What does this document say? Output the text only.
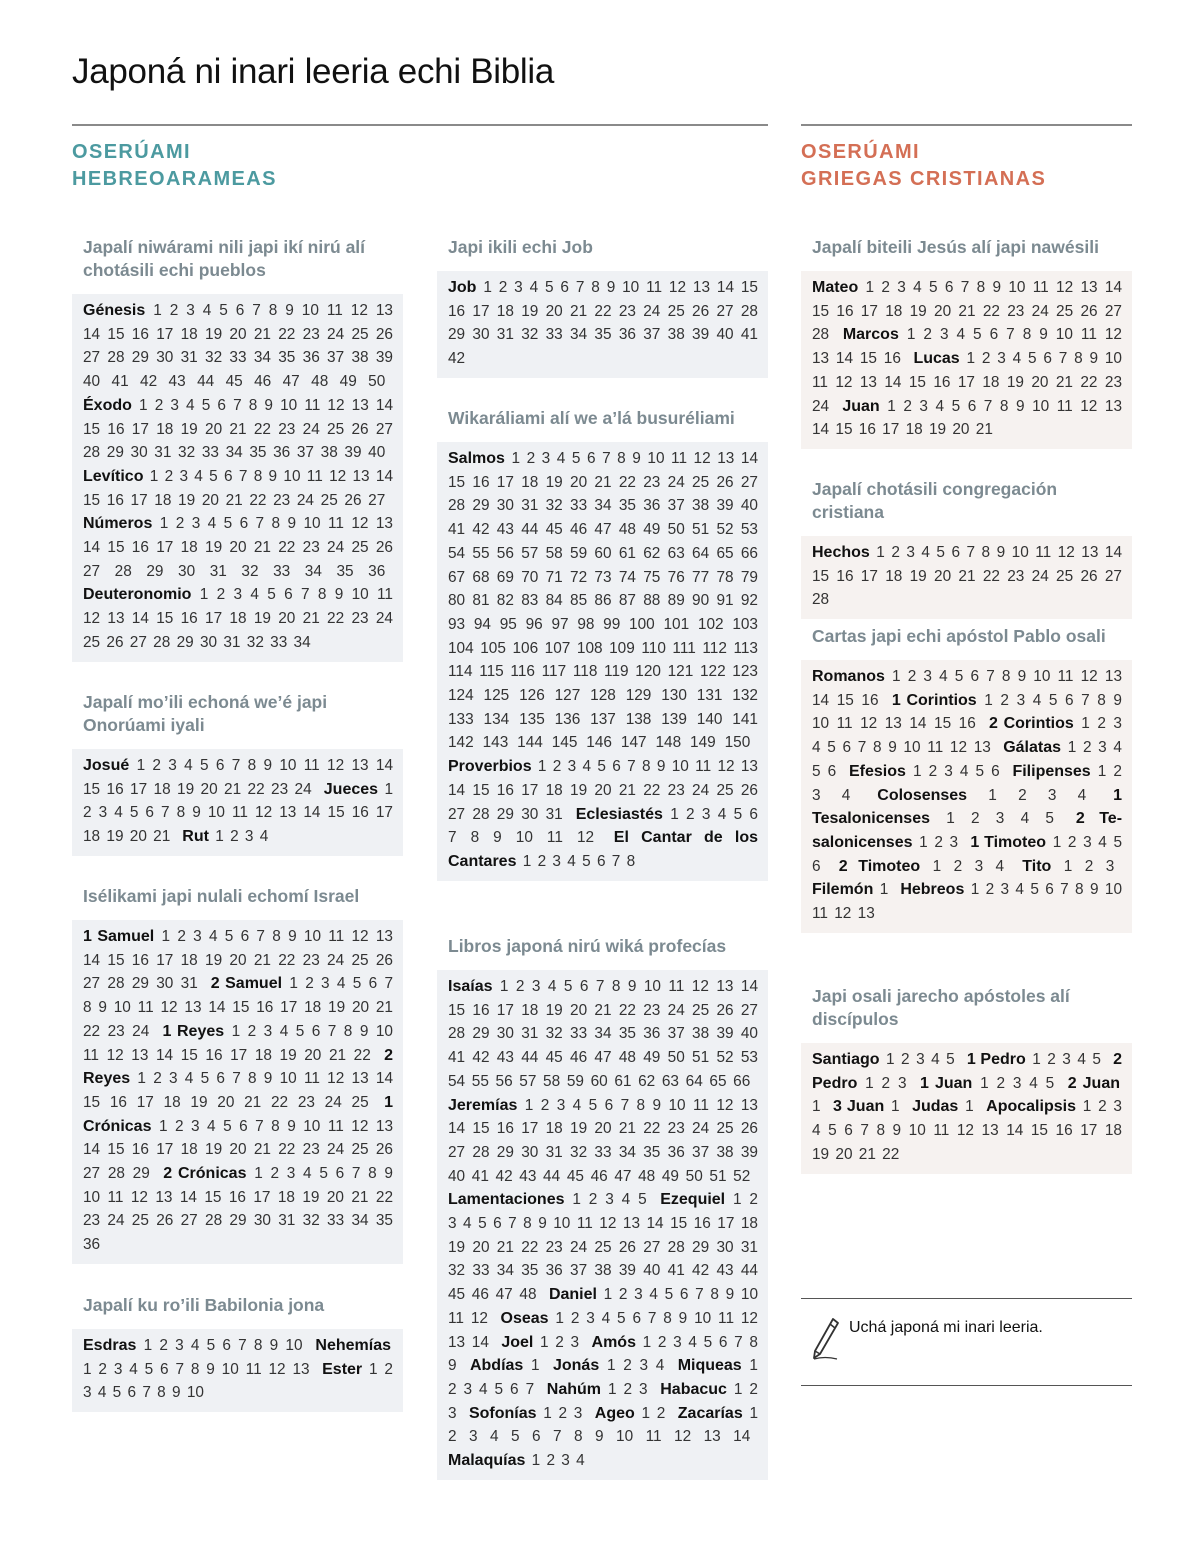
Japoná ni inari leeria echi Biblia
OSERÚAMI
HEBREOARAMEAS
OSERÚAMI
GRIEGAS CRISTIANAS
Japalí niwárami nili japi ikí nirú alí chotásili echi pueblos
Génesis 1 2 3 4 5 6 7 8 9 10 11 12 13 14 15 16 17 18 19 20 21 22 23 24 25 26 27 28 29 30 31 32 33 34 35 36 37 38 39 40 41 42 43 44 45 46 47 48 49 50  Éxodo 1 2 3 4 5 6 7 8 9 10 11 12 13 14 15 16 17 18 19 20 21 22 23 24 25 26 27 28 29 30 31 32 33 34 35 36 37 38 39 40  Levítico 1 2 3 4 5 6 7 8 9 10 11 12 13 14 15 16 17 18 19 20 21 22 23 24 25 26 27  Números 1 2 3 4 5 6 7 8 9 10 11 12 13 14 15 16 17 18 19 20 21 22 23 24 25 26 27 28 29 30 31 32 33 34 35 36  Deuteronomio 1 2 3 4 5 6 7 8 9 10 11 12 13 14 15 16 17 18 19 20 21 22 23 24 25 26 27 28 29 30 31 32 33 34 
Japalí mo’ili echoná we’é japi Onorúami iyali
Josué 1 2 3 4 5 6 7 8 9 10 11 12 13 14 15 16 17 18 19 20 21 22 23 24  Jueces 1 2 3 4 5 6 7 8 9 10 11 12 13 14 15 16 17 18 19 20 21  Rut 1 2 3 4 
Isélikami japi nulali echomí Israel
1 Samuel 1 2 3 4 5 6 7 8 9 10 11 12 13 14 15 16 17 18 19 20 21 22 23 24 25 26 27 28 29 30 31  2 Samuel 1 2 3 4 5 6 7 8 9 10 11 12 13 14 15 16 17 18 19 20 21 22 23 24  1 Reyes 1 2 3 4 5 6 7 8 9 10 11 12 13 14 15 16 17 18 19 20 21 22  2 Reyes 1 2 3 4 5 6 7 8 9 10 11 12 13 14 15 16 17 18 19 20 21 22 23 24 25  1 Crónicas 1 2 3 4 5 6 7 8 9 10 11 12 13 14 15 16 17 18 19 20 21 22 23 24 25 26 27 28 29  2 Crónicas 1 2 3 4 5 6 7 8 9 10 11 12 13 14 15 16 17 18 19 20 21 22 23 24 25 26 27 28 29 30 31 32 33 34 35 36 
Japalí ku ro’ili Babilonia jona
Esdras 1 2 3 4 5 6 7 8 9 10  Nehemías 1 2 3 4 5 6 7 8 9 10 11 12 13  Ester 1 2 3 4 5 6 7 8 9 10 
Japi ikili echi Job
Job 1 2 3 4 5 6 7 8 9 10 11 12 13 14 15 16 17 18 19 20 21 22 23 24 25 26 27 28 29 30 31 32 33 34 35 36 37 38 39 40 41 42 
Wikaráliami alí we a’lá busuréliami
Salmos 1 2 3 4 5 6 7 8 9 10 11 12 13 14 15 16 17 18 19 20 21 22 23 24 25 26 27 28 29 30 31 32 33 34 35 36 37 38 39 40 41 42 43 44 45 46 47 48 49 50 51 52 53 54 55 56 57 58 59 60 61 62 63 64 65 66 67 68 69 70 71 72 73 74 75 76 77 78 79 80 81 82 83 84 85 86 87 88 89 90 91 92 93 94 95 96 97 98 99 100 101 102 103 104 105 106 107 108 109 110 111 112 113 114 115 116 117 118 119 120 121 122 123 124 125 126 127 128 129 130 131 132 133 134 135 136 137 138 139 140 141 142 143 144 145 146 147 148 149 150  Proverbios 1 2 3 4 5 6 7 8 9 10 11 12 13 14 15 16 17 18 19 20 21 22 23 24 25 26 27 28 29 30 31  Eclesiastés 1 2 3 4 5 6 7 8 9 10 11 12  El Cantar de los Cantares 1 2 3 4 5 6 7 8 
Libros japoná nirú wiká profecías
Isaías 1 2 3 4 5 6 7 8 9 10 11 12 13 14 15 16 17 18 19 20 21 22 23 24 25 26 27 28 29 30 31 32 33 34 35 36 37 38 39 40 41 42 43 44 45 46 47 48 49 50 51 52 53 54 55 56 57 58 59 60 61 62 63 64 65 66  Jeremías 1 2 3 4 5 6 7 8 9 10 11 12 13 14 15 16 17 18 19 20 21 22 23 24 25 26 27 28 29 30 31 32 33 34 35 36 37 38 39 40 41 42 43 44 45 46 47 48 49 50 51 52  Lamentaciones 1 2 3 4 5  Ezequiel 1 2 3 4 5 6 7 8 9 10 11 12 13 14 15 16 17 18 19 20 21 22 23 24 25 26 27 28 29 30 31 32 33 34 35 36 37 38 39 40 41 42 43 44 45 46 47 48  Daniel 1 2 3 4 5 6 7 8 9 10 11 12  Oseas 1 2 3 4 5 6 7 8 9 10 11 12 13 14  Joel 1 2 3  Amós 1 2 3 4 5 6 7 8 9  Abdías 1  Jonás 1 2 3 4  Miqueas 1 2 3 4 5 6 7  Nahúm 1 2 3  Habacuc 1 2 3  Sofonías 1 2 3  Ageo 1 2  Zacarías 1 2 3 4 5 6 7 8 9 10 11 12 13 14  Malaquías 1 2 3 4 
Japalí biteili Jesús alí japi nawésili
Mateo 1 2 3 4 5 6 7 8 9 10 11 12 13 14 15 16 17 18 19 20 21 22 23 24 25 26 27 28  Marcos 1 2 3 4 5 6 7 8 9 10 11 12 13 14 15 16  Lucas 1 2 3 4 5 6 7 8 9 10 11 12 13 14 15 16 17 18 19 20 21 22 23 24  Juan 1 2 3 4 5 6 7 8 9 10 11 12 13 14 15 16 17 18 19 20 21 
Japalí chotásili congregación cristiana
Hechos 1 2 3 4 5 6 7 8 9 10 11 12 13 14 15 16 17 18 19 20 21 22 23 24 25 26 27 28 
Cartas japi echi apóstol Pablo osali
Romanos 1 2 3 4 5 6 7 8 9 10 11 12 13 14 15 16  1 Corintios 1 2 3 4 5 6 7 8 9 10 11 12 13 14 15 16  2 Corintios 1 2 3 4 5 6 7 8 9 10 11 12 13  Gálatas 1 2 3 4 5 6  Efesios 1 2 3 4 5 6  Filipenses 1 2 3 4  Colosenses 1 2 3 4  1 Tesalonicenses 1 2 3 4 5  2 Tesalonicenses 1 2 3  1 Timoteo 1 2 3 4 5 6  2 Timoteo 1 2 3 4  Tito 1 2 3  Filemón 1  Hebreos 1 2 3 4 5 6 7 8 9 10 11 12 13 
Japi osali jarecho apóstoles alí discípulos
Santiago 1 2 3 4 5  1 Pedro 1 2 3 4 5  2 Pedro 1 2 3  1 Juan 1 2 3 4 5  2 Juan 1  3 Juan 1  Judas 1  Apocalipsis 1 2 3 4 5 6 7 8 9 10 11 12 13 14 15 16 17 18 19 20 21 22 
Uchá japoná mi inari leeria.
